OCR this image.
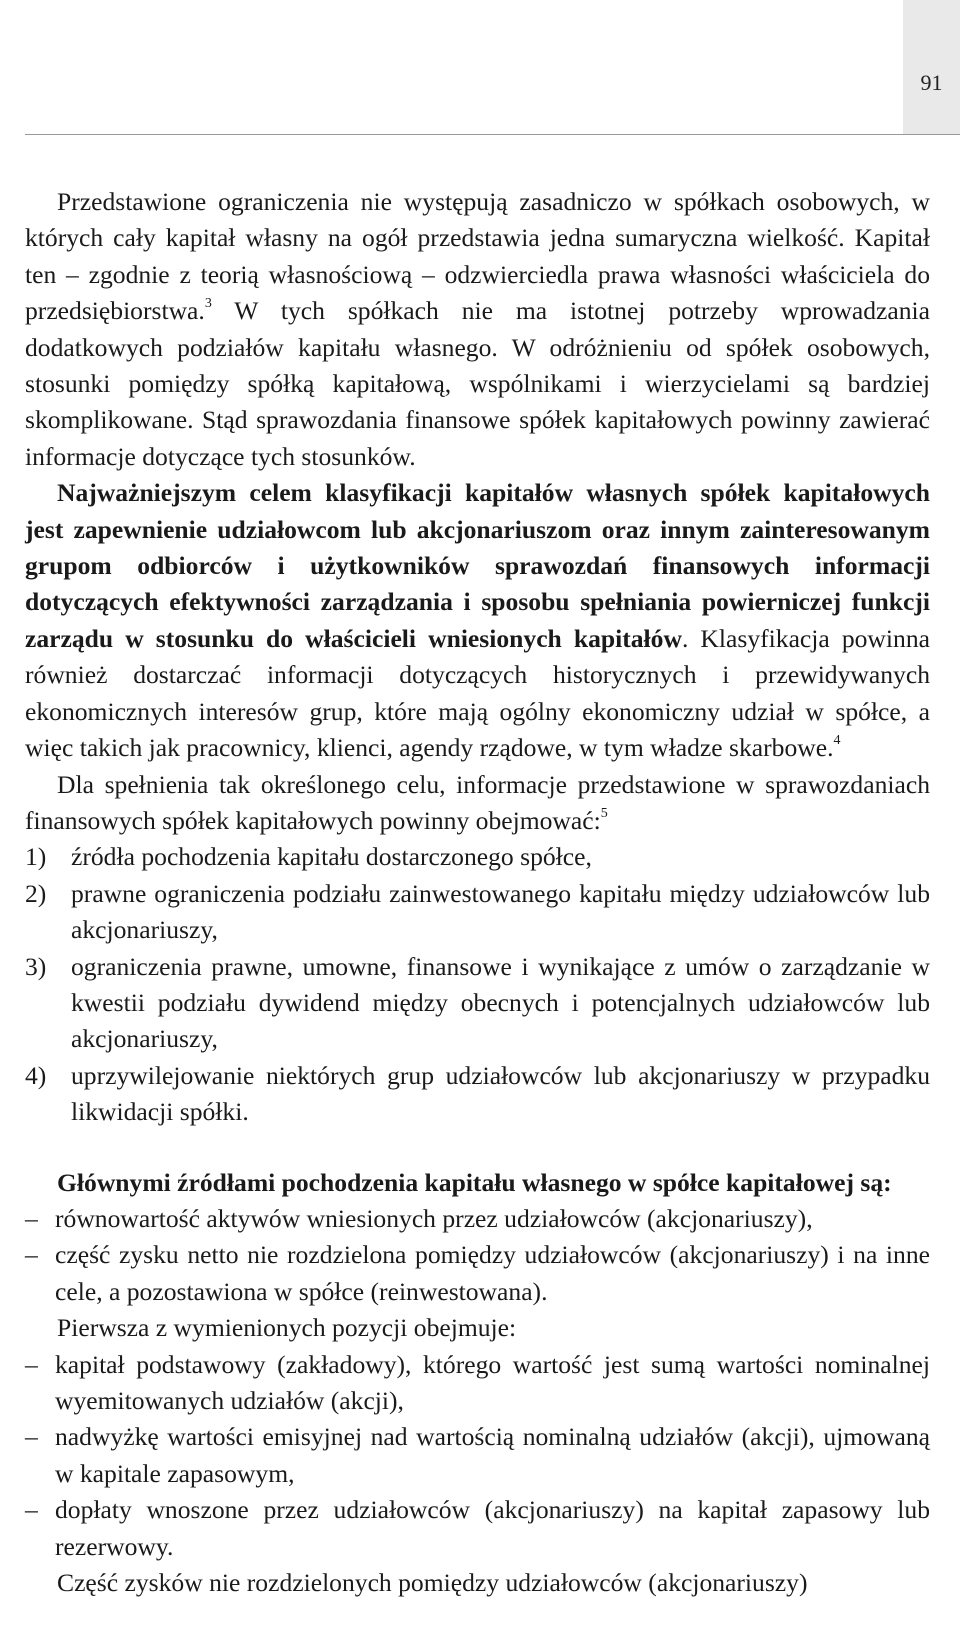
91

Przedstawione ograniczenia nie występują zasadniczo w spółkach osobowych, w których cały kapitał własny na ogół przedstawia jedna sumaryczna wielkość. Kapitał ten – zgodnie z teorią własnościową – odzwierciedla prawa własności właściciela do przedsiębiorstwa.$^3$ W tych spółkach nie ma istotnej potrzeby wprowadzania dodatkowych podziałów kapitału własnego. W odróżnieniu od spółek osobowych, stosunki pomiędzy spółką kapitałową, wspólnikami i wierzycielami są bardziej skomplikowane. Stąd sprawozdania finansowe spółek kapitałowych powinny zawierać informacje dotyczące tych stosunków.

Najważniejszym celem klasyfikacji kapitałów własnych spółek kapitałowych jest zapewnienie udziałowcom lub akcjonariuszom oraz innym zainteresowanym grupom odbiorców i użytkowników sprawozdań finansowych informacji dotyczących efektywności zarządzania i sposobu spełniania powierniczej funkcji zarządu w stosunku do właścicieli wniesionych kapitałów. Klasyfikacja powinna również dostarczać informacji dotyczących historycznych i przewidywanych ekonomicznych interesów grup, które mają ogólny ekonomiczny udział w spółce, a więc takich jak pracownicy, klienci, agendy rządowe, w tym władze skarbowe.$^4$

Dla spełnienia tak określonego celu, informacje przedstawione w sprawozdaniach finansowych spółek kapitałowych powinny obejmować:$^5$

1) źródła pochodzenia kapitału dostarczonego spółce,
2) prawne ograniczenia podziału zainwestowanego kapitału między udziałowców lub akcjonariuszy,
3) ograniczenia prawne, umowne, finansowe i wynikające z umów o zarządzanie w kwestii podziału dywidend między obecnych i potencjalnych udziałowców lub akcjonariuszy,
4) uprzywilejowanie niektórych grup udziałowców lub akcjonariuszy w przypadku likwidacji spółki.

Głównymi źródłami pochodzenia kapitału własnego w spółce kapitałowej są:

– równowartość aktywów wniesionych przez udziałowców (akcjonariuszy),
– część zysku netto nie rozdzielona pomiędzy udziałowców (akcjonariuszy) i na inne cele, a pozostawiona w spółce (reinwestowana).

Pierwsza z wymienionych pozycji obejmuje:

– kapitał podstawowy (zakładowy), którego wartość jest sumą wartości nominalnej wyemitowanych udziałów (akcji),
– nadwyżkę wartości emisyjnej nad wartością nominalną udziałów (akcji), ujmowaną w kapitale zapasowym,
– dopłaty wnoszone przez udziałowców (akcjonariuszy) na kapitał zapasowy lub rezerwowy.

Część zysków nie rozdzielonych pomiędzy udziałowców (akcjonariuszy)
